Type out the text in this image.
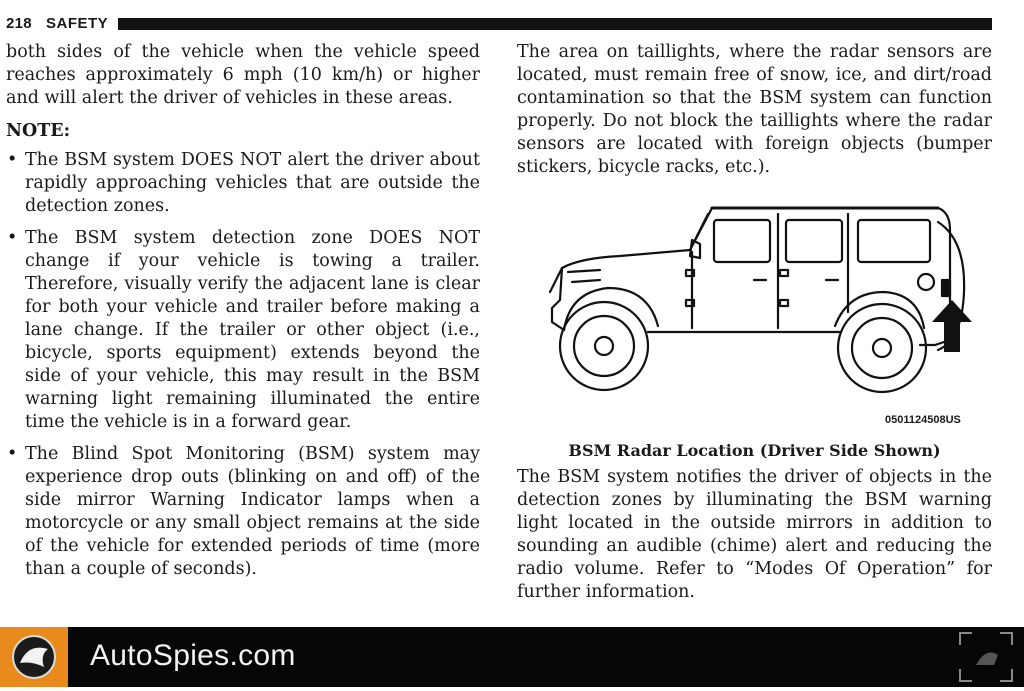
218 SAFETY

both sides of the vehicle when the vehicle speed reaches approximately 6 mph (10 km/h) or higher and will alert the driver of vehicles in these areas.

NOTE:

• The BSM system DOES NOT alert the driver about rapidly approaching vehicles that are outside the detection zones.
• The BSM system detection zone DOES NOT change if your vehicle is towing a trailer. Therefore, visually verify the adjacent lane is clear for both your vehicle and trailer before making a lane change. If the trailer or other object (i.e., bicycle, sports equipment) extends beyond the side of your vehicle, this may result in the BSM warning light remaining illuminated the entire time the vehicle is in a forward gear.
• The Blind Spot Monitoring (BSM) system may experience drop outs (blinking on and off) of the side mirror Warning Indicator lamps when a motorcycle or any small object remains at the side of the vehicle for extended periods of time (more than a couple of seconds).

The area on taillights, where the radar sensors are located, must remain free of snow, ice, and dirt/road contamination so that the BSM system can function properly. Do not block the taillights where the radar sensors are located with foreign objects (bumper stickers, bicycle racks, etc.).

0501124508US
BSM Radar Location (Driver Side Shown)

The BSM system notifies the driver of objects in the detection zones by illuminating the BSM warning light located in the outside mirrors in addition to sounding an audible (chime) alert and reducing the radio volume. Refer to “Modes Of Operation” for further information.

AutoSpies.com
